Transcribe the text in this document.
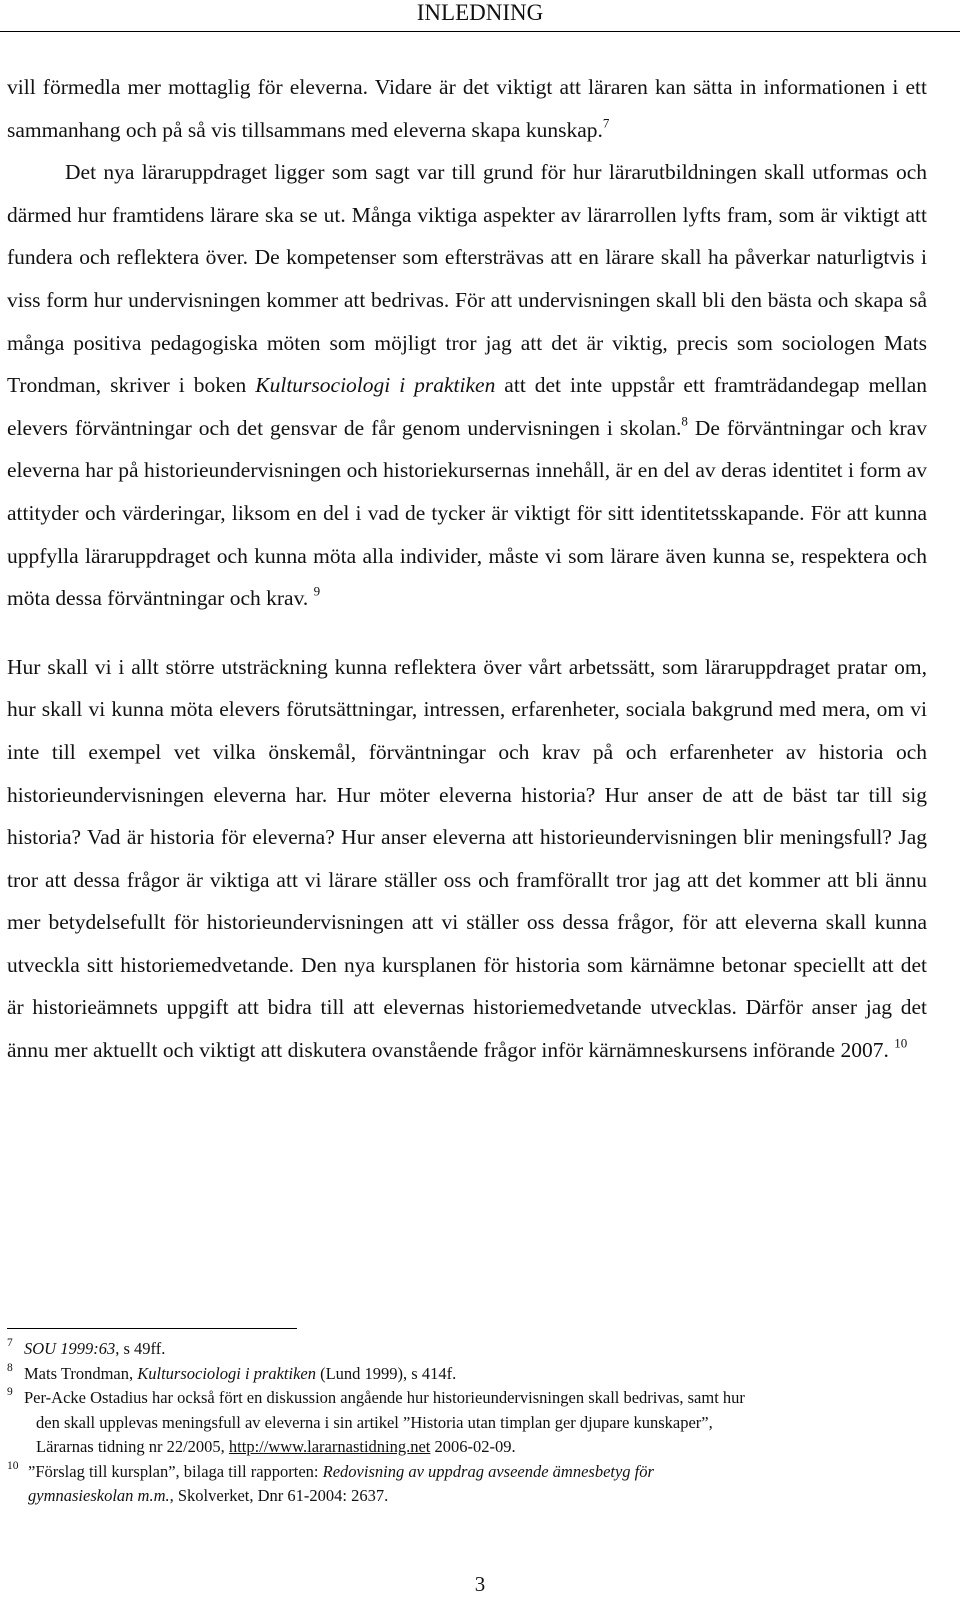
INLEDNING

vill förmedla mer mottaglig för eleverna. Vidare är det viktigt att läraren kan sätta in informationen i ett sammanhang och på så vis tillsammans med eleverna skapa kunskap.$^7$

Det nya läraruppdraget ligger som sagt var till grund för hur lärarutbildningen skall utformas och därmed hur framtidens lärare ska se ut. Många viktiga aspekter av lärarrollen lyfts fram, som är viktigt att fundera och reflektera över. De kompetenser som eftersträvas att en lärare skall ha påverkar naturligtvis i viss form hur undervisningen kommer att bedrivas. För att undervisningen skall bli den bästa och skapa så många positiva pedagogiska möten som möjligt tror jag att det är viktig, precis som sociologen Mats Trondman, skriver i boken Kultursociologi i praktiken att det inte uppstår ett framträdandegap mellan elevers förväntningar och det gensvar de får genom undervisningen i skolan.$^8$ De förväntningar och krav eleverna har på historieundervisningen och historiekursernas innehåll, är en del av deras identitet i form av attityder och värderingar, liksom en del i vad de tycker är viktigt för sitt identitetsskapande. För att kunna uppfylla läraruppdraget och kunna möta alla individer, måste vi som lärare även kunna se, respektera och möta dessa förväntningar och krav. $^9$

Hur skall vi i allt större utsträckning kunna reflektera över vårt arbetssätt, som läraruppdraget pratar om, hur skall vi kunna möta elevers förutsättningar, intressen, erfarenheter, sociala bakgrund med mera, om vi inte till exempel vet vilka önskemål, förväntningar och krav på och erfarenheter av historia och historieundervisningen eleverna har. Hur möter eleverna historia? Hur anser de att de bäst tar till sig historia? Vad är historia för eleverna? Hur anser eleverna att historieundervisningen blir meningsfull? Jag tror att dessa frågor är viktiga att vi lärare ställer oss och framförallt tror jag att det kommer att bli ännu mer betydelsefullt för historieundervisningen att vi ställer oss dessa frågor, för att eleverna skall kunna utveckla sitt historiemedvetande. Den nya kursplanen för historia som kärnämne betonar speciellt att det är historieämnets uppgift att bidra till att elevernas historiemedvetande utvecklas. Därför anser jag det ännu mer aktuellt och viktigt att diskutera ovanstående frågor inför kärnämneskursens införande 2007. $^{10}$

7 SOU 1999:63, s 49ff.
8 Mats Trondman, Kultursociologi i praktiken (Lund 1999), s 414f.
9 Per-Acke Ostadius har också fört en diskussion angående hur historieundervisningen skall bedrivas, samt hur
den skall upplevas meningsfull av eleverna i sin artikel ”Historia utan timplan ger djupare kunskaper”,
Lärarnas tidning nr 22/2005, http://www.lararnastidning.net 2006-02-09.
10 ”Förslag till kursplan”, bilaga till rapporten: Redovisning av uppdrag avseende ämnesbetyg för
gymnasieskolan m.m., Skolverket, Dnr 61-2004: 2637.
3
